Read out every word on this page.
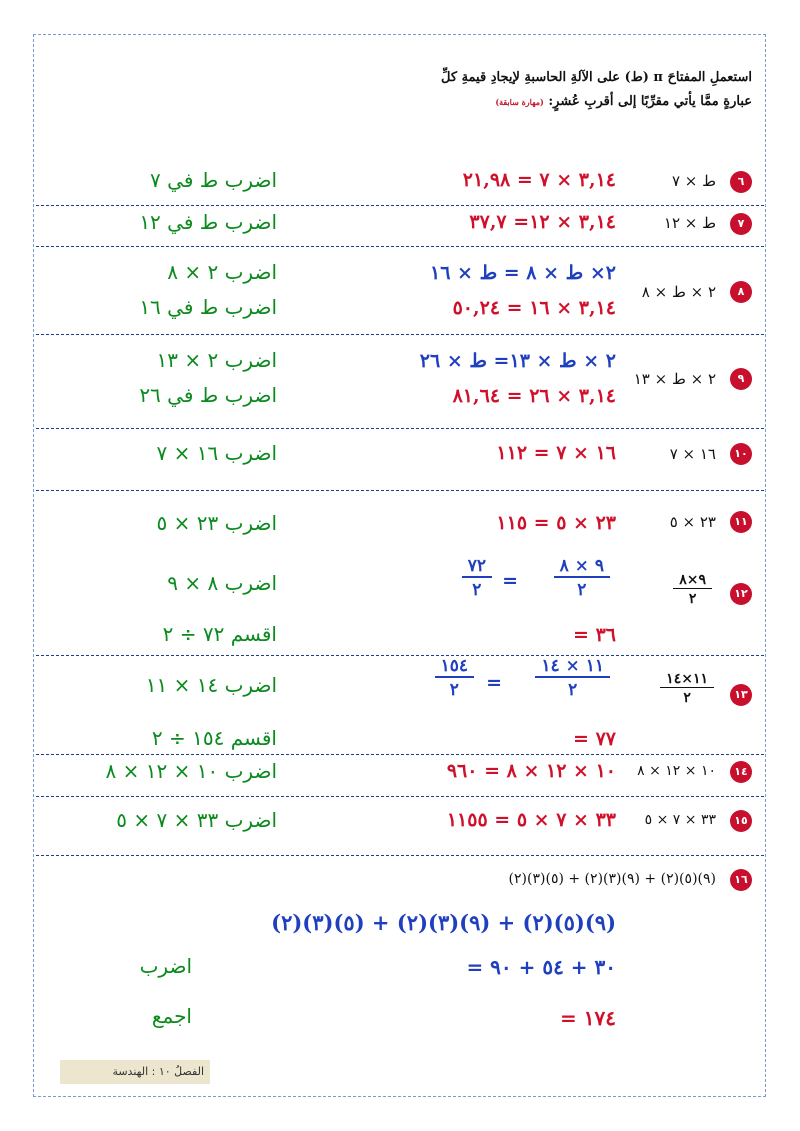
استعملِ المفتاحَ π (ط) على الآلةِ الحاسبةِ لإيجادِ قيمةِ كلِّ
عبارةٍ ممَّا يأتي مقرِّبًا إلى أقربِ عُشرٍ: (مهارة سابقة)
٦
ط × ٧
٣,١٤ × ٧ = ٢١,٩٨
اضرب ط في ٧
٧
ط × ١٢
٣,١٤ × ١٢= ٣٧,٧
اضرب ط في ١٢
٨
٢ × ط × ٨
٢× ط × ٨ = ط × ١٦
اضرب ٢ × ٨
٣,١٤ × ١٦ = ٥٠,٢٤
اضرب ط في ١٦
٩
٢ × ط × ١٣
٢ × ط × ١٣= ط × ٢٦
اضرب ٢ × ١٣
٣,١٤ × ٢٦ = ٨١,٦٤
اضرب ط في ٢٦
١٠
١٦ × ٧
١٦ × ٧ = ١١٢
اضرب ١٦ × ٧
١١
٢٣ × ٥
٢٣ × ٥ = ١١٥
اضرب ٢٣ × ٥
١٢
٩×٨
٢
٩ × ٨
٢
=
٧٢
٢
اضرب ٨ × ٩
= ٣٦
اقسم ٧٢ ÷ ٢
١٣
١١×١٤
٢
١١ × ١٤
٢
=
١٥٤
٢
اضرب ١٤ × ١١
= ٧٧
اقسم ١٥٤ ÷ ٢
١٤
١٠ × ١٢ × ٨
١٠ × ١٢ × ٨ = ٩٦٠
اضرب ١٠ × ١٢ × ٨
١٥
٣٣ × ٧ × ٥
٣٣ × ٧ × ٥ = ١١٥٥
اضرب ٣٣ × ٧ × ٥
١٦
(٢)(٣)(٥) + (٢)(٣)(٩) + (٢)(٥)(٩)
(٢)(٣)(٥) + (٢)(٣)(٩) + (٢)(٥)(٩)
= ٣٠ + ٥٤ + ٩٠
اضرب
= ١٧٤
اجمع
الفصلُ ١٠ : الهندسة
